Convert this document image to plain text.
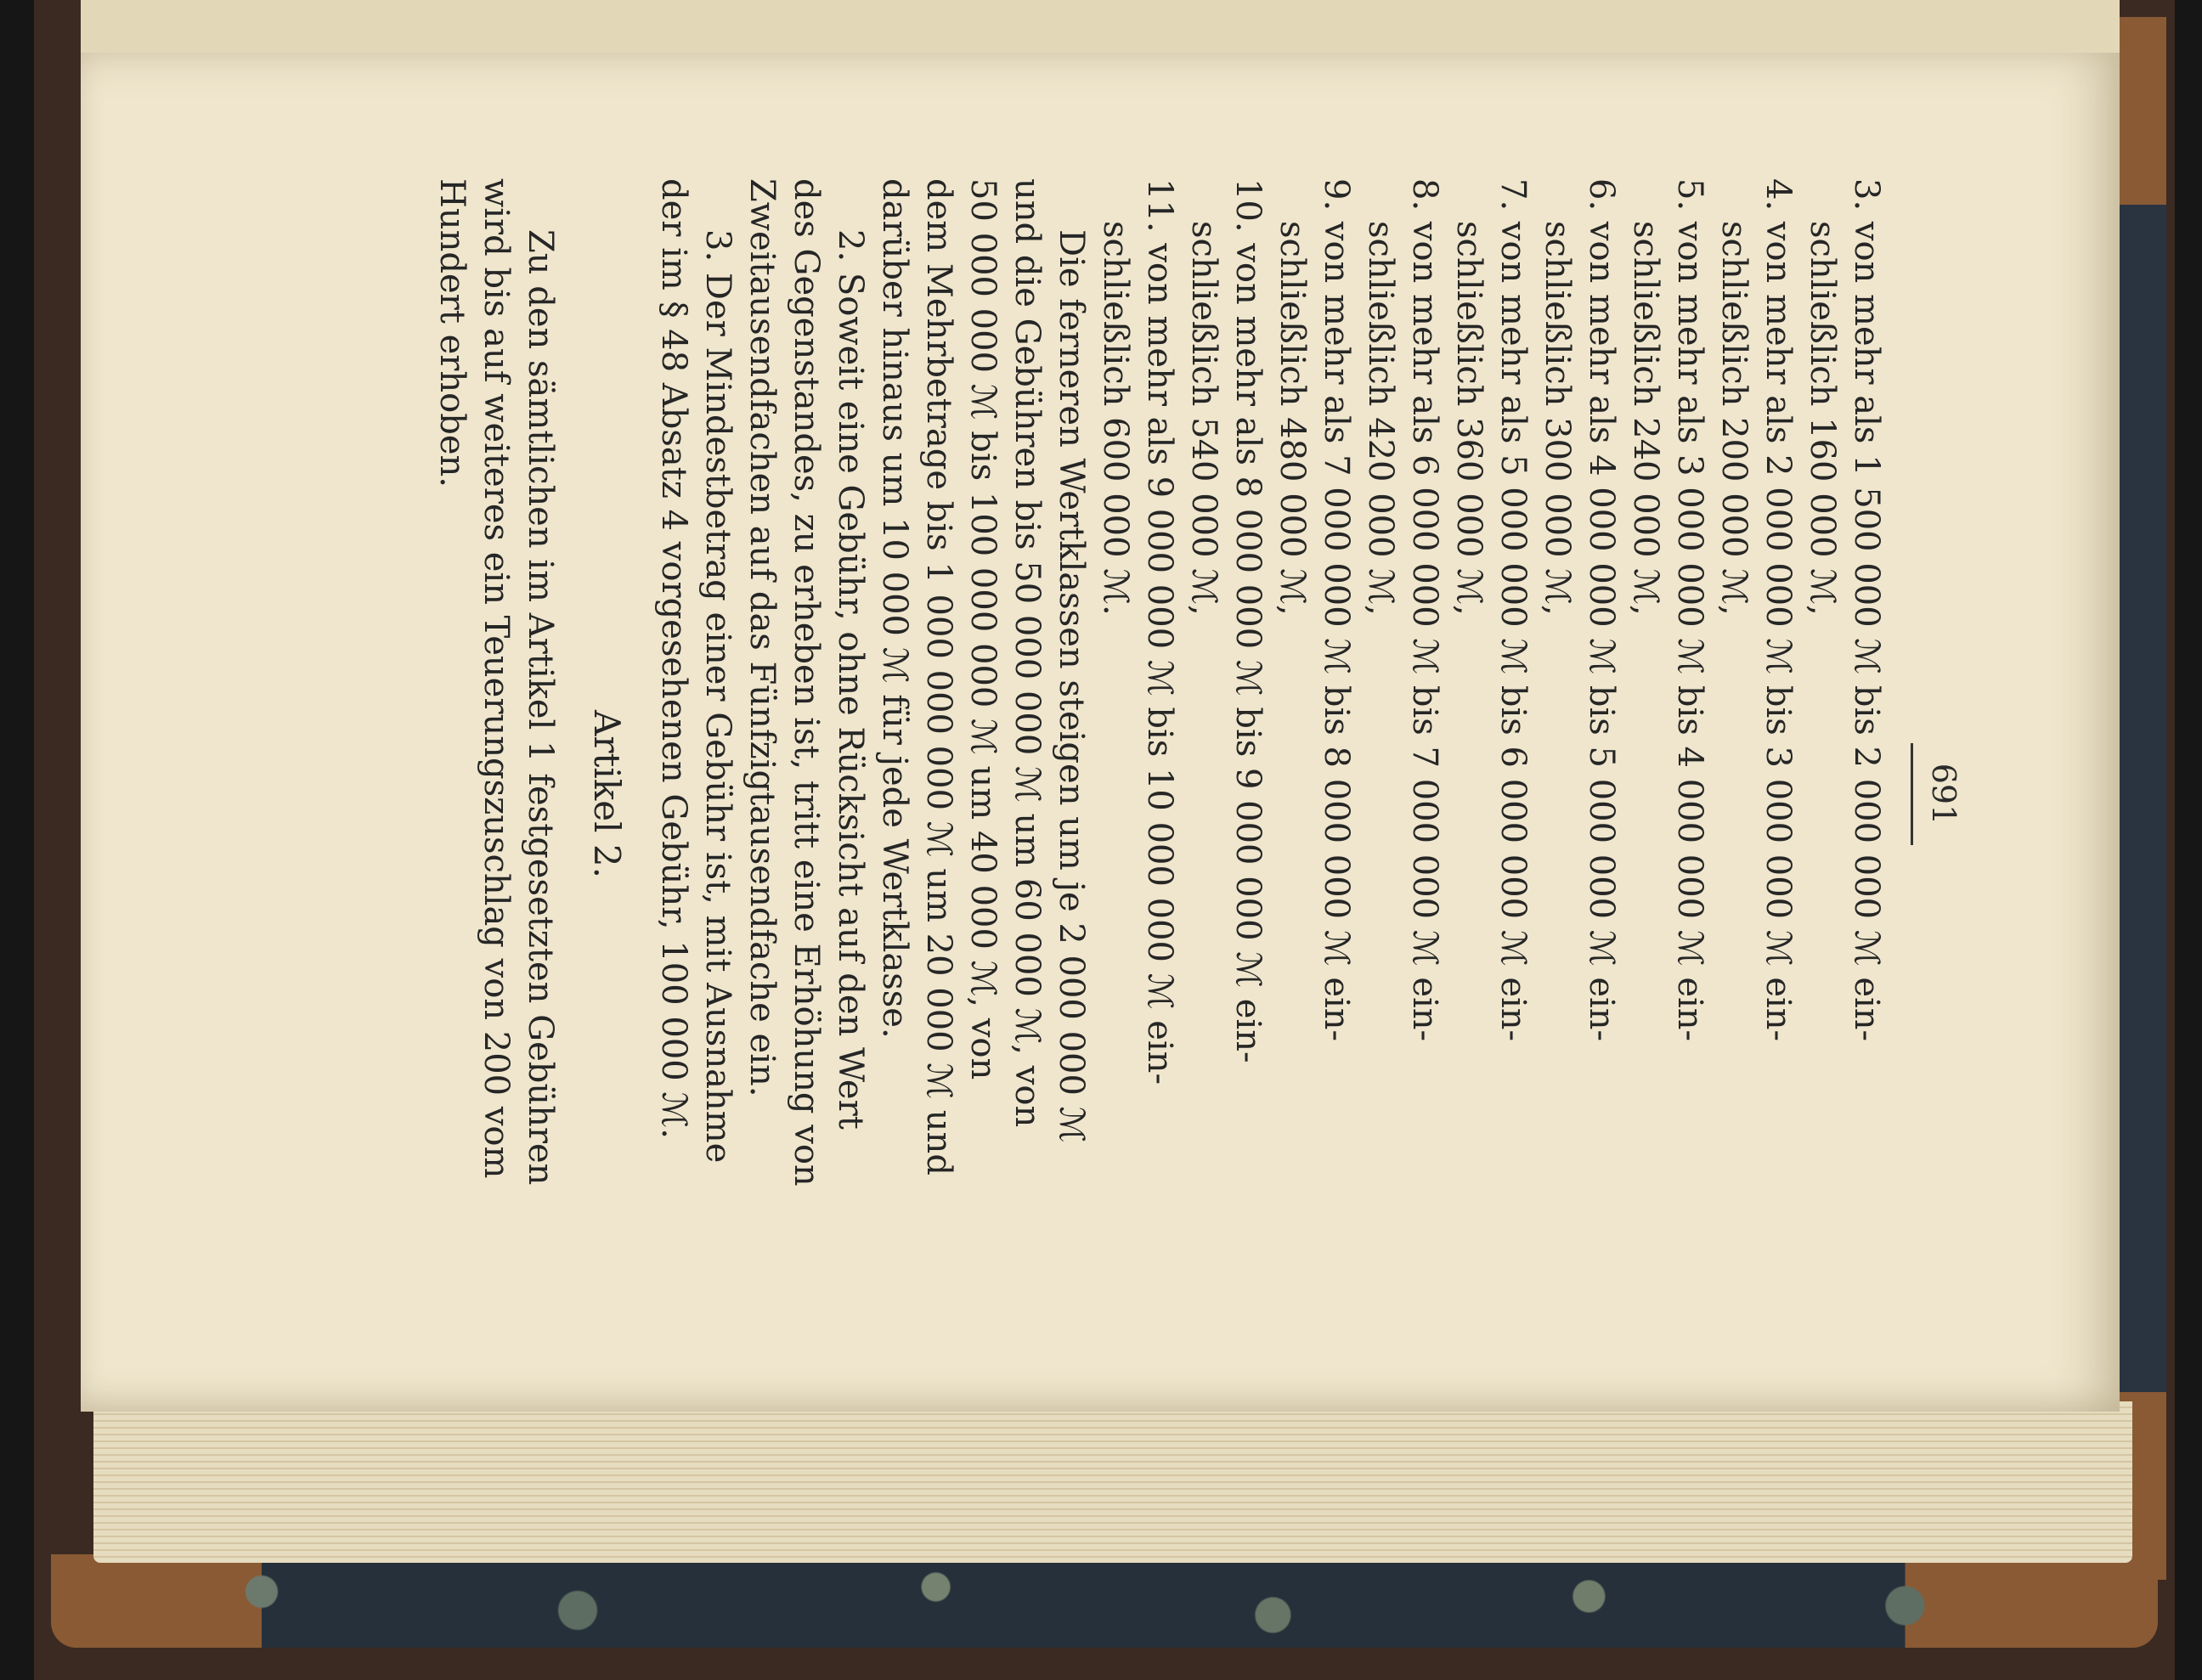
691
3. von mehr als 1 500 000 ℳ bis 2 000 000 ℳ ein-
schließlich 160 000 ℳ,
4. von mehr als 2 000 000 ℳ bis 3 000 000 ℳ ein-
schließlich 200 000 ℳ,
5. von mehr als 3 000 000 ℳ bis 4 000 000 ℳ ein-
schließlich 240 000 ℳ,
6. von mehr als 4 000 000 ℳ bis 5 000 000 ℳ ein-
schließlich 300 000 ℳ,
7. von mehr als 5 000 000 ℳ bis 6 000 000 ℳ ein-
schließlich 360 000 ℳ,
8. von mehr als 6 000 000 ℳ bis 7 000 000 ℳ ein-
schließlich 420 000 ℳ,
9. von mehr als 7 000 000 ℳ bis 8 000 000 ℳ ein-
schließlich 480 000 ℳ,
10. von mehr als 8 000 000 ℳ bis 9 000 000 ℳ ein-
schließlich 540 000 ℳ,
11. von mehr als 9 000 000 ℳ bis 10 000 000 ℳ ein-
schließlich 600 000 ℳ.
Die ferneren Wertklassen steigen um je 2 000 000 ℳ
und die Gebühren bis 50 000 000 ℳ um 60 000 ℳ, von
50 000 000 ℳ bis 100 000 000 ℳ um 40 000 ℳ, von
dem Mehrbetrage bis 1 000 000 000 ℳ um 20 000 ℳ und
darüber hinaus um 10 000 ℳ für jede Wertklasse.
2. Soweit eine Gebühr, ohne Rücksicht auf den Wert
des Gegenstandes, zu erheben ist, tritt eine Erhöhung von
Zweitausendfachen auf das Fünfzigtausendfache ein.
3. Der Mindestbetrag einer Gebühr ist, mit Ausnahme
der im § 48 Absatz 4 vorgesehenen Gebühr, 100 000 ℳ.
Artikel 2.
Zu den sämtlichen im Artikel 1 festgesetzten Gebühren
wird bis auf weiteres ein Teuerungszuschlag von 200 vom
Hundert erhoben.
